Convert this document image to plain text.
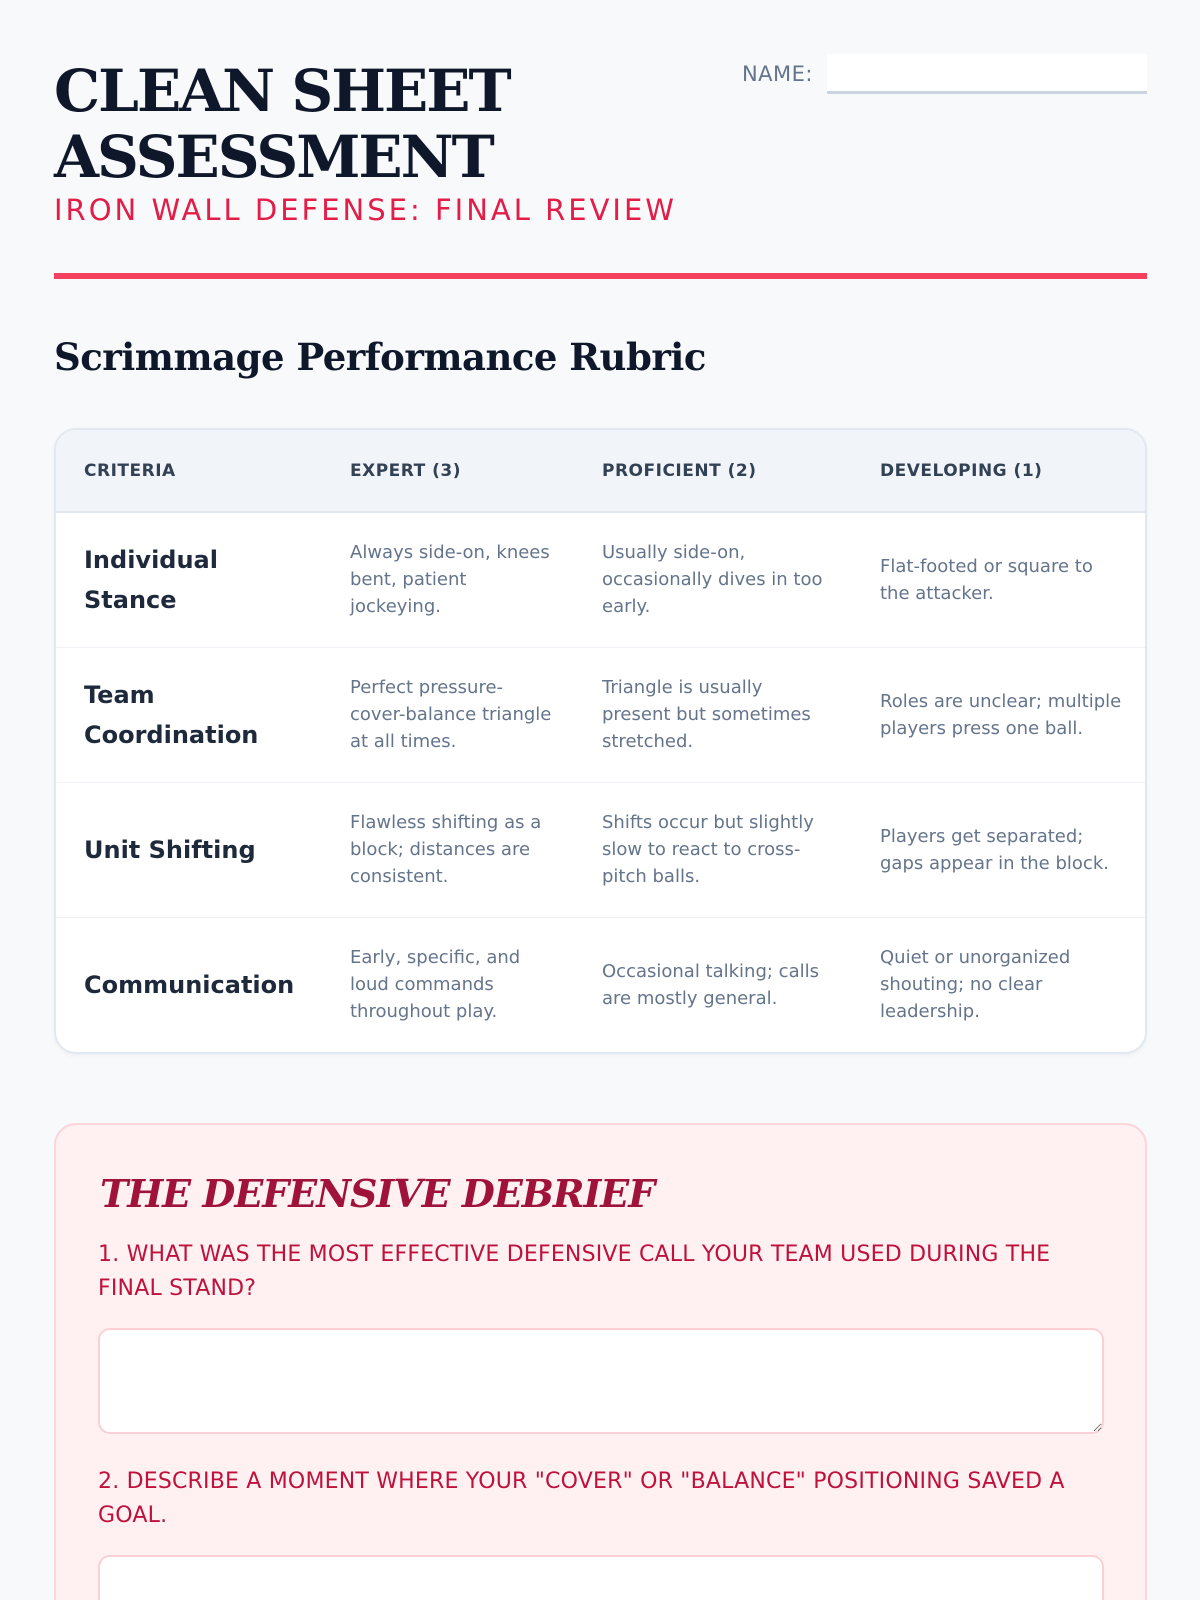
CLEAN SHEET ASSESSMENT
IRON WALL DEFENSE: FINAL REVIEW
NAME:
Scrimmage Performance Rubric
CRITERIA	EXPERT (3)	PROFICIENT (2)	DEVELOPING (1)
Individual Stance	Always side-on, knees bent, patient jockeying.	Usually side-on, occasionally dives in too early.	Flat-footed or square to the attacker.
Team Coordination	Perfect pressure-cover-balance triangle at all times.	Triangle is usually present but sometimes stretched.	Roles are unclear; multiple players press one ball.
Unit Shifting	Flawless shifting as a block; distances are consistent.	Shifts occur but slightly slow to react to cross-pitch balls.	Players get separated; gaps appear in the block.
Communication	Early, specific, and loud commands throughout play.	Occasional talking; calls are mostly general.	Quiet or unorganized shouting; no clear leadership.
THE DEFENSIVE DEBRIEF
1. WHAT WAS THE MOST EFFECTIVE DEFENSIVE CALL YOUR TEAM USED DURING THE FINAL STAND?
2. DESCRIBE A MOMENT WHERE YOUR "COVER" OR "BALANCE" POSITIONING SAVED A GOAL.
